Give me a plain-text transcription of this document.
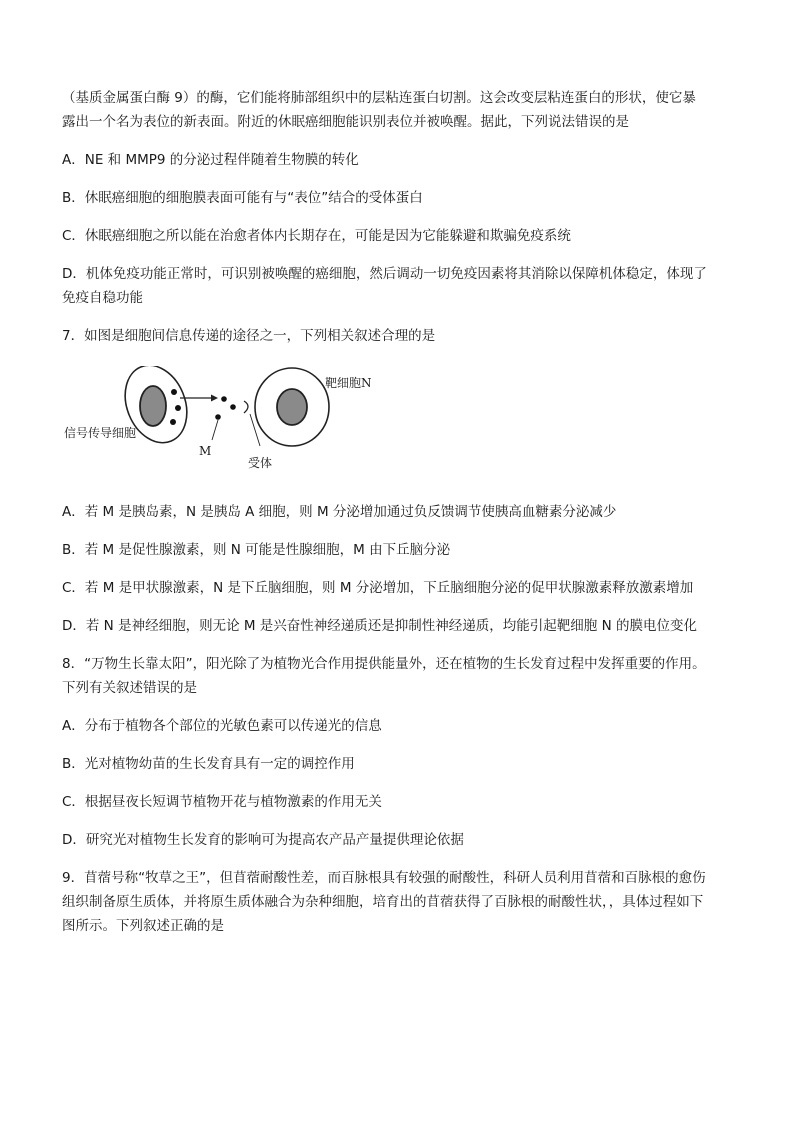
（基质金属蛋白酶 9）的酶，它们能将肺部组织中的层粘连蛋白切割。这会改变层粘连蛋白的形状，使它暴

露出一个名为表位的新表面。附近的休眠癌细胞能识别表位并被唤醒。据此，下列说法错误的是

A．NE 和 MMP9 的分泌过程伴随着生物膜的转化

B．休眠癌细胞的细胞膜表面可能有与“表位”结合的受体蛋白

C．休眠癌细胞之所以能在治愈者体内长期存在，可能是因为它能躲避和欺骗免疫系统

D．机体免疫功能正常时，可识别被唤醒的癌细胞，然后调动一切免疫因素将其消除以保障机体稳定，体现了

免疫自稳功能

7．如图是细胞间信息传递的途径之一，下列相关叙述合理的是

信号传导细胞
靶细胞N
M
受体

A．若 M 是胰岛素，N 是胰岛 A 细胞，则 M 分泌增加通过负反馈调节使胰高血糖素分泌减少

B．若 M 是促性腺激素，则 N 可能是性腺细胞，M 由下丘脑分泌

C．若 M 是甲状腺激素，N 是下丘脑细胞，则 M 分泌增加，下丘脑细胞分泌的促甲状腺激素释放激素增加

D．若 N 是神经细胞，则无论 M 是兴奋性神经递质还是抑制性神经递质，均能引起靶细胞 N 的膜电位变化

8．“万物生长靠太阳”，阳光除了为植物光合作用提供能量外，还在植物的生长发育过程中发挥重要的作用。

下列有关叙述错误的是

A．分布于植物各个部位的光敏色素可以传递光的信息

B．光对植物幼苗的生长发育具有一定的调控作用

C．根据昼夜长短调节植物开花与植物激素的作用无关

D．研究光对植物生长发育的影响可为提高农产品产量提供理论依据

9．苜蓿号称“牧草之王”，但苜蓿耐酸性差，而百脉根具有较强的耐酸性，科研人员利用苜蓿和百脉根的愈伤

组织制备原生质体，并将原生质体融合为杂种细胞，培育出的苜蓿获得了百脉根的耐酸性状，，具体过程如下

图所示。下列叙述正确的是
